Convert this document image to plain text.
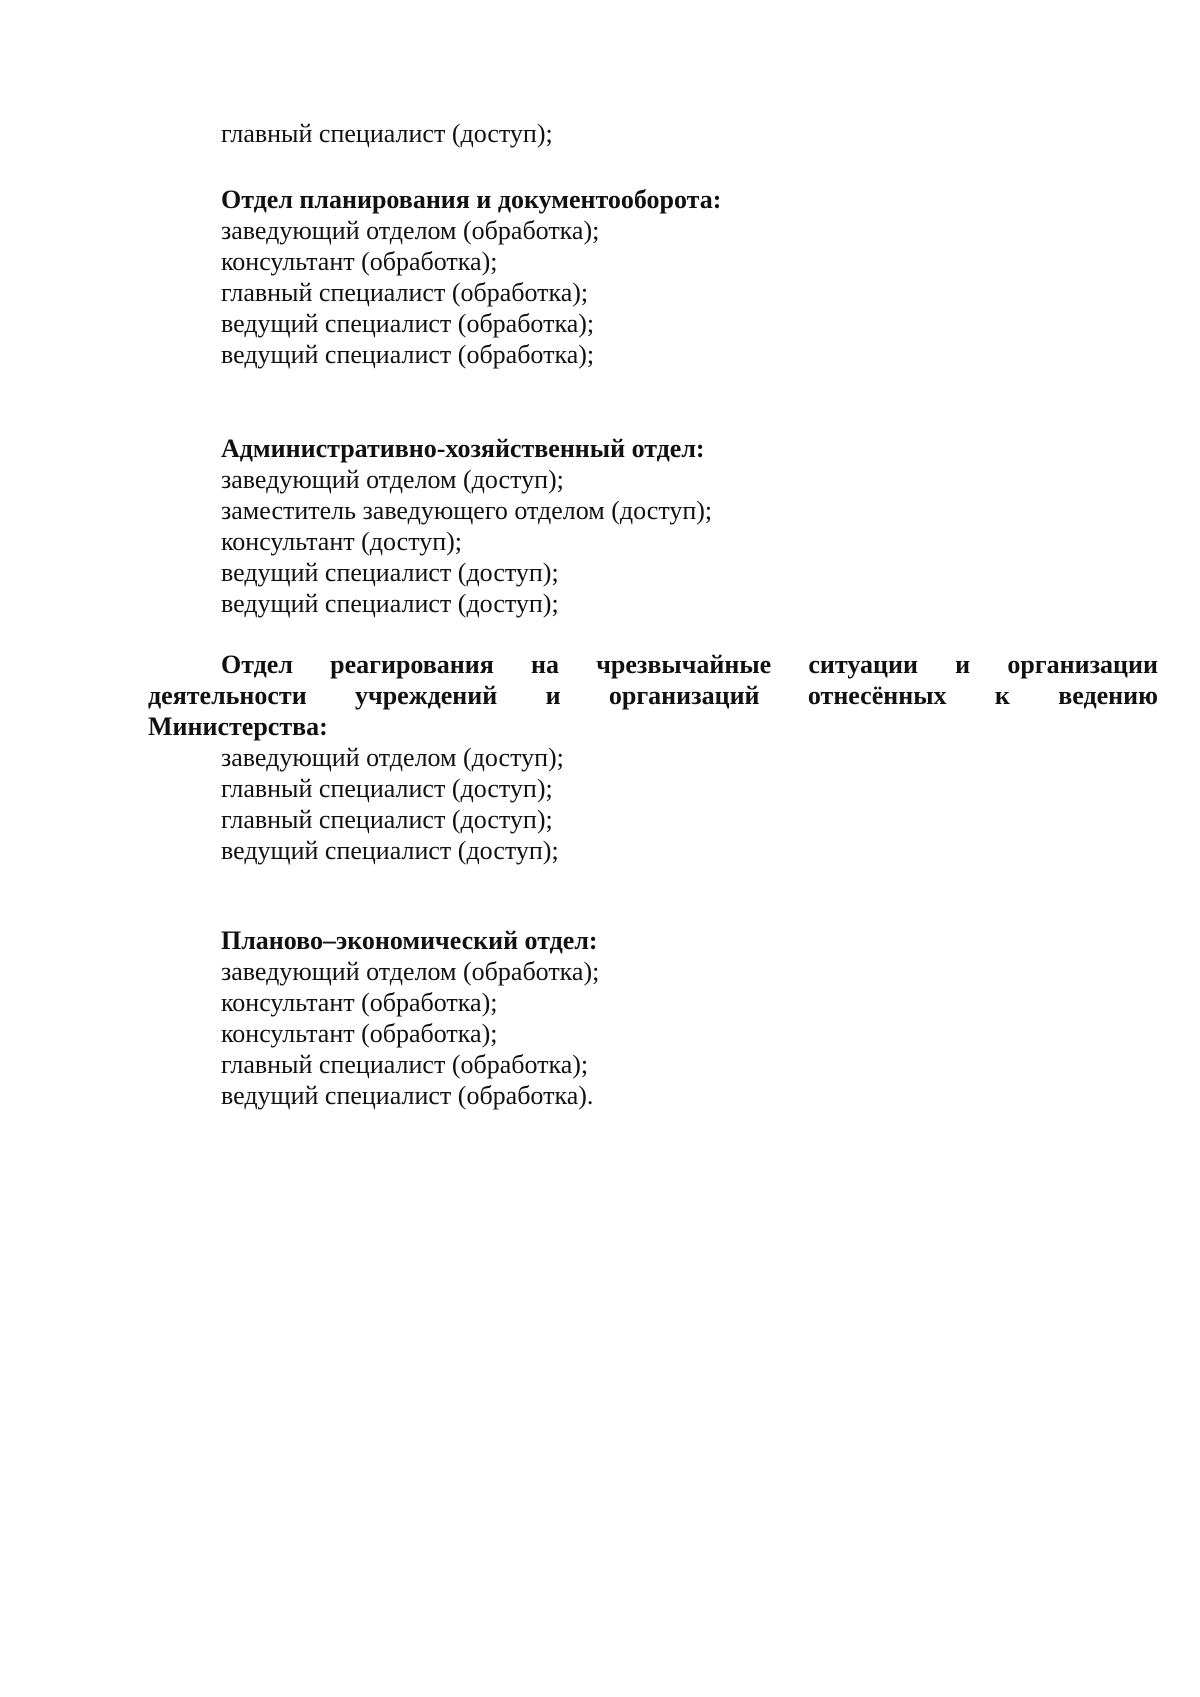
главный специалист (доступ);
Отдел планирования и документооборота:
заведующий отделом (обработка);
консультант (обработка);
главный специалист (обработка);
ведущий специалист (обработка);
ведущий специалист (обработка);
Административно-хозяйственный отдел:
заведующий отделом (доступ);
заместитель заведующего отделом (доступ);
консультант (доступ);
ведущий специалист (доступ);
ведущий специалист (доступ);
Отдел реагирования на чрезвычайные ситуации и организации
деятельности учреждений и организаций отнесённых к ведению
Министерства:
заведующий отделом (доступ);
главный специалист (доступ);
главный специалист (доступ);
ведущий специалист (доступ);
Планово–экономический отдел:
заведующий отделом (обработка);
консультант (обработка);
консультант (обработка);
главный специалист (обработка);
ведущий специалист (обработка).
